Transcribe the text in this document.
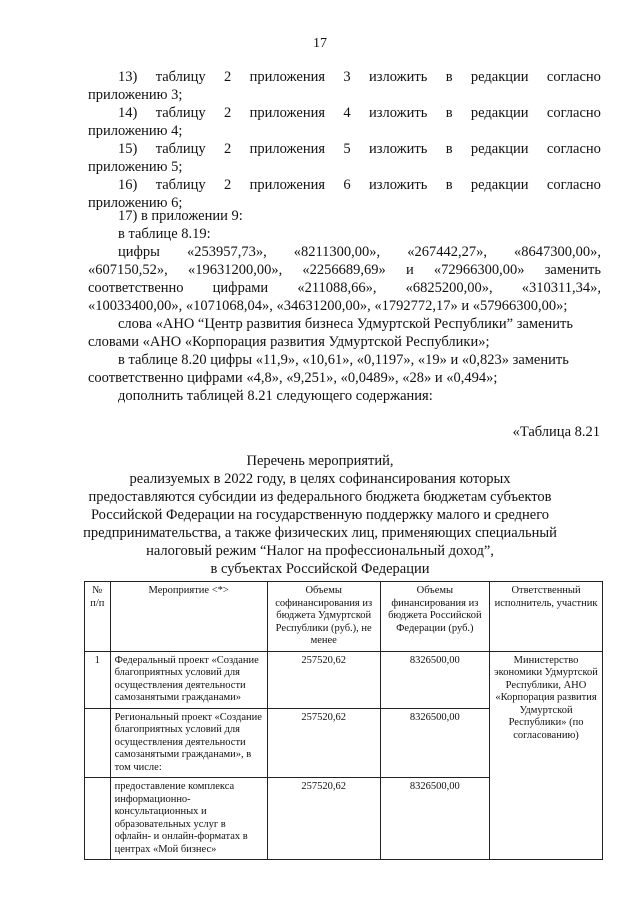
17
13) таблицу 2 приложения 3 изложить в редакции согласно
приложению 3;
14) таблицу 2 приложения 4 изложить в редакции согласно
приложению 4;
15) таблицу 2 приложения 5 изложить в редакции согласно
приложению 5;
16) таблицу 2 приложения 6 изложить в редакции согласно
приложению 6;
17) в приложении 9:
в таблице 8.19:
цифры «253957,73», «8211300,00», «267442,27», «8647300,00»,
«607150,52», «19631200,00», «2256689,69» и «72966300,00» заменить
соответственно цифрами «211088,66», «6825200,00», «310311,34»,
«10033400,00», «1071068,04», «34631200,00», «1792772,17» и «57966300,00»;
слова «АНО “Центр развития бизнеса Удмуртской Республики” заменить
словами «АНО «Корпорация развития Удмуртской Республики»;
в таблице 8.20 цифры «11,9», «10,61», «0,1197», «19» и «0,823» заменить
соответственно цифрами «4,8», «9,251», «0,0489», «28» и «0,494»;
дополнить таблицей 8.21 следующего содержания:
«Таблица 8.21
Перечень мероприятий,
реализуемых в 2022 году, в целях софинансирования которых
предоставляются субсидии из федерального бюджета бюджетам субъектов
Российской Федерации на государственную поддержку малого и среднего
предпринимательства, а также физических лиц, применяющих специальный
налоговый режим “Налог на профессиональный доход”,
в субъектах Российской Федерации
№ п/п	Мероприятие <*>	Объемы софинансирования из бюджета Удмуртской Республики (руб.), не менее	Объемы финансирования из бюджета Российской Федерации (руб.)	Ответственный исполнитель, участник
1	Федеральный проект «Создание благоприятных условий для осуществления деятельности самозанятыми гражданами»	257520,62	8326500,00	Министерство экономики Удмуртской Республики, АНО «Корпорация развития Удмуртской Республики» (по согласованию)
	Региональный проект «Создание благоприятных условий для осуществления деятельности самозанятыми гражданами», в том числе:	257520,62	8326500,00	
	предоставление комплекса информационно-консультационных и образовательных услуг в офлайн- и онлайн-форматах в центрах «Мой бизнес»	257520,62	8326500,00	
